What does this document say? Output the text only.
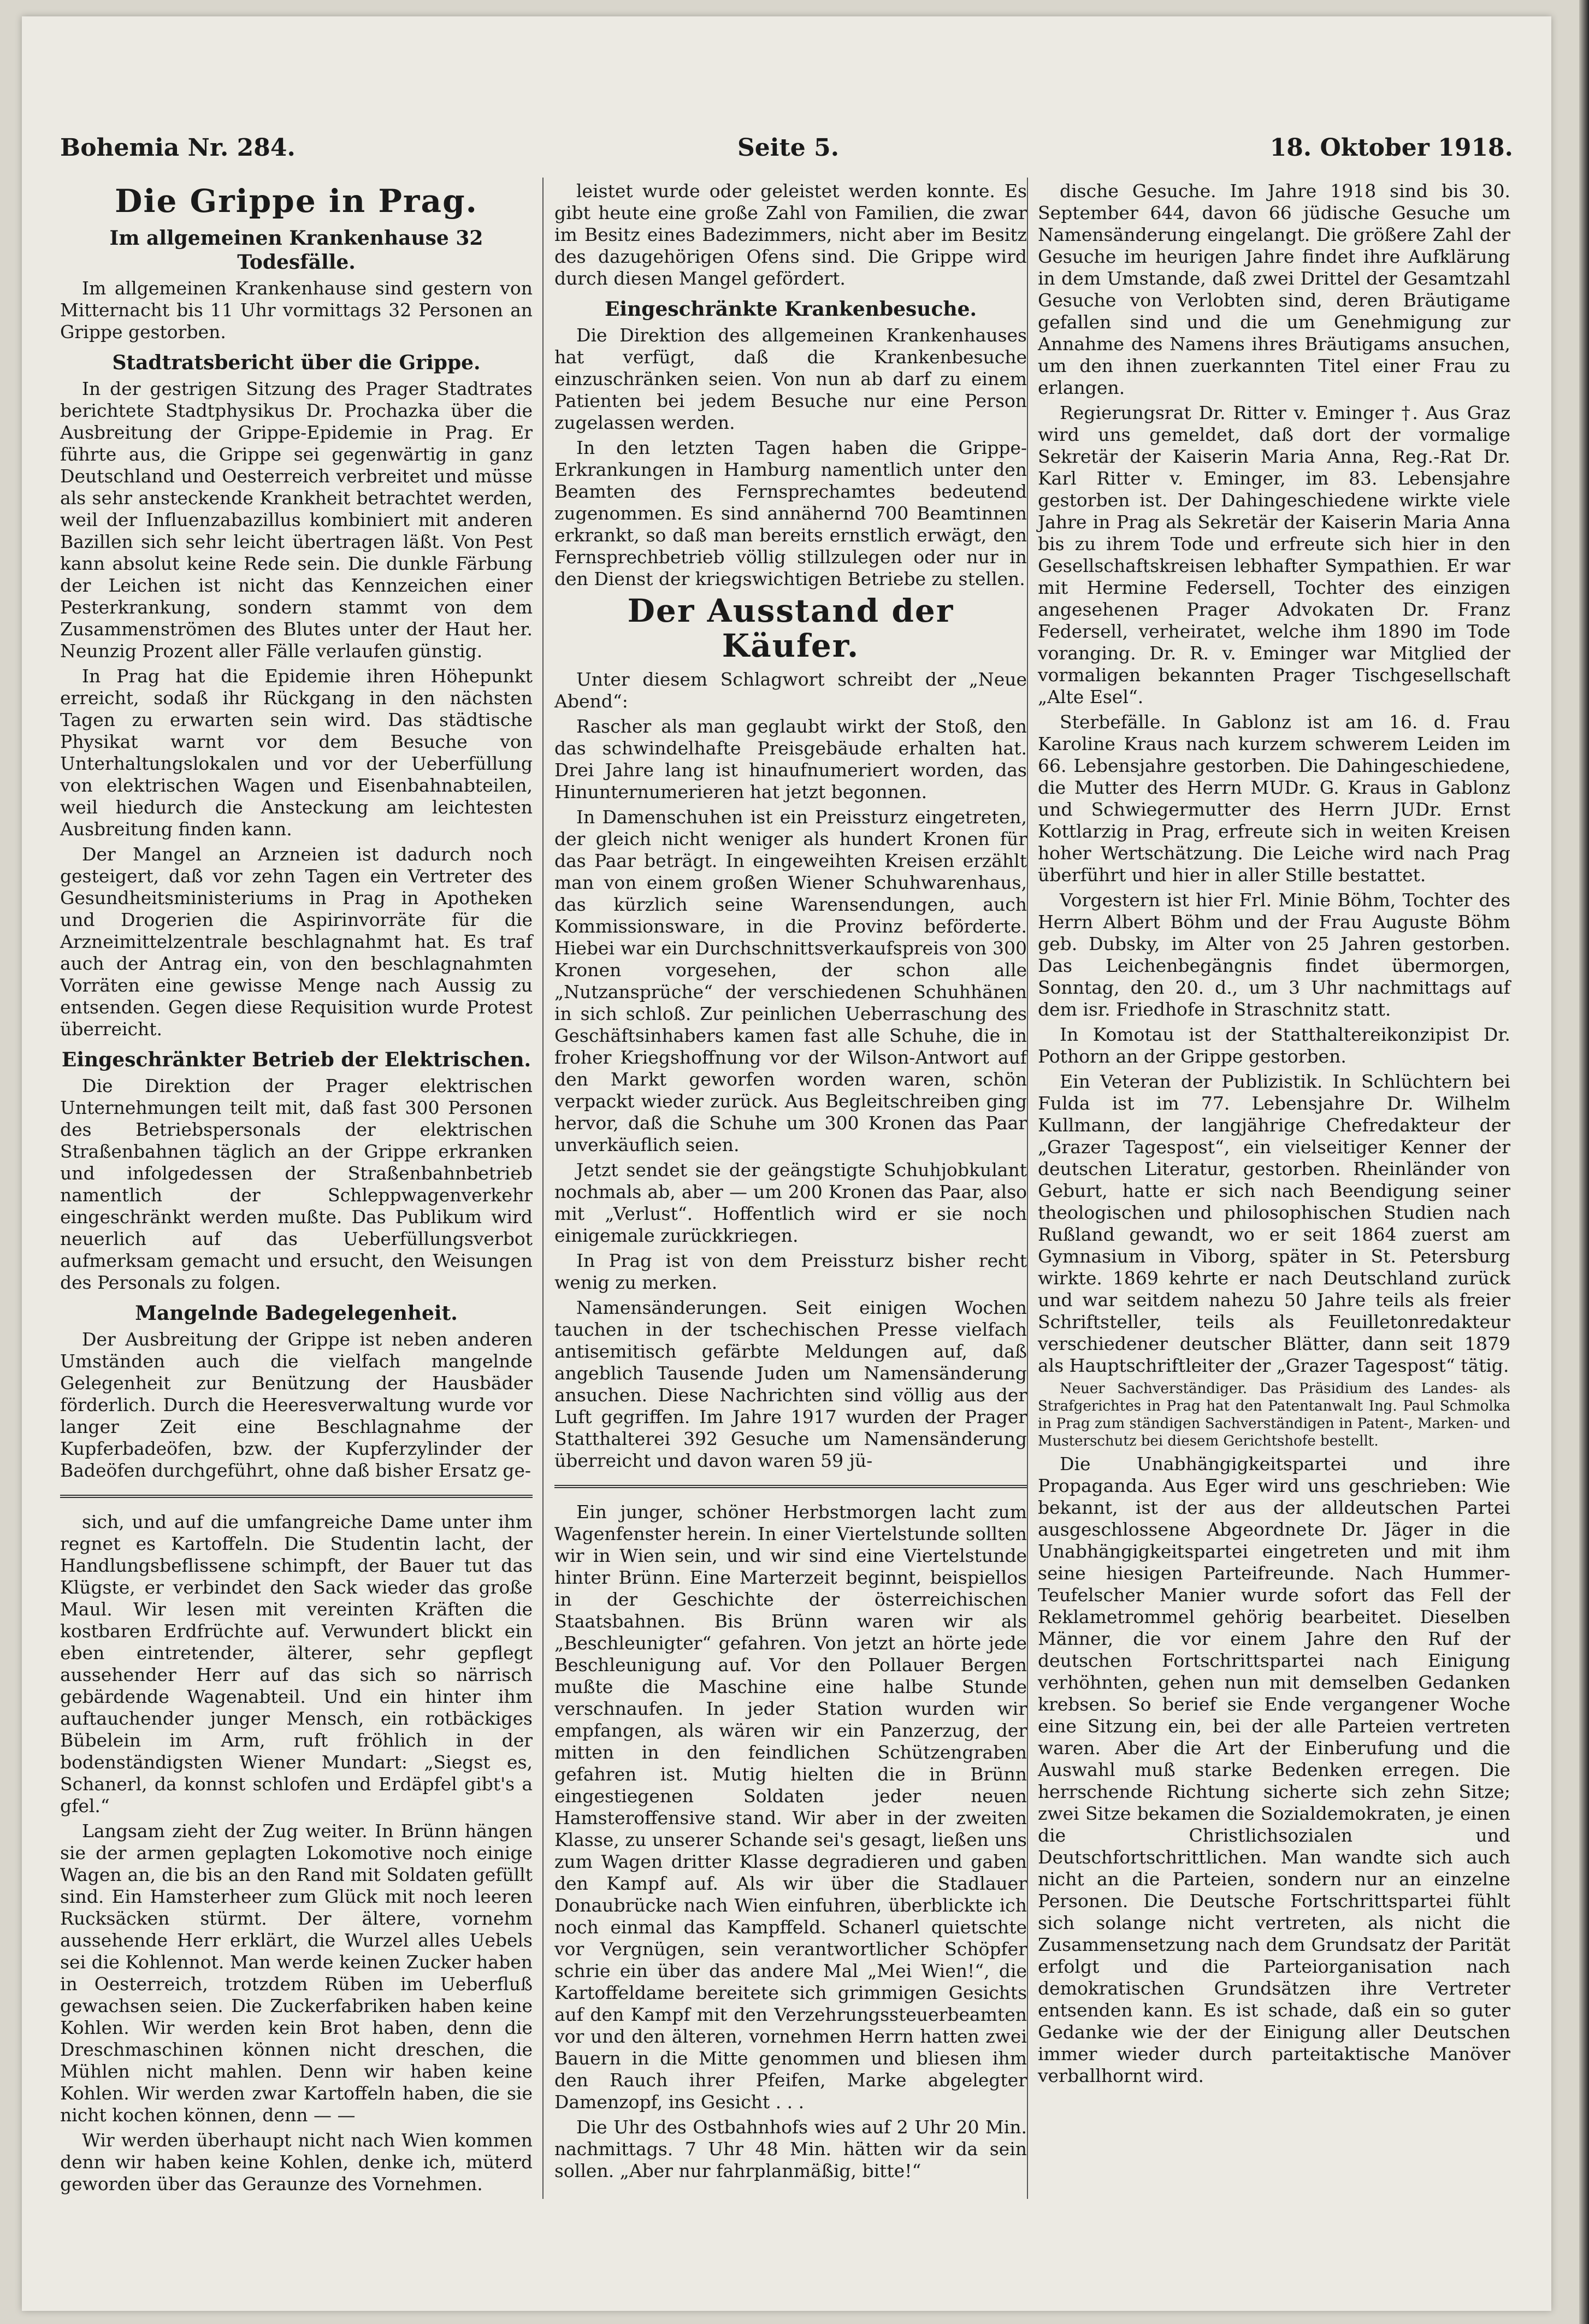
Bohemia Nr. 284.	Seite 5.	18. Oktober 1918.
Die Grippe in Prag.
Im allgemeinen Krankenhause 32 Todesfälle.

Im allgemeinen Krankenhause sind gestern von Mitternacht bis 11 Uhr vormittags 32 Personen an Grippe gestorben.

Stadtratsbericht über die Grippe.

In der gestrigen Sitzung des Prager Stadtrates berichtete Stadtphysikus Dr. Prochazka über die Ausbreitung der Grippe-Epidemie in Prag. Er führte aus, die Grippe sei gegenwärtig in ganz Deutschland und Oesterreich verbreitet und müsse als sehr ansteckende Krankheit betrachtet werden, weil der Influenzabazillus kombiniert mit anderen Bazillen sich sehr leicht übertragen läßt. Von Pest kann absolut keine Rede sein. Die dunkle Färbung der Leichen ist nicht das Kennzeichen einer Pesterkrankung, sondern stammt von dem Zusammenströmen des Blutes unter der Haut her. Neunzig Prozent aller Fälle verlaufen günstig.

In Prag hat die Epidemie ihren Höhepunkt erreicht, sodaß ihr Rückgang in den nächsten Tagen zu erwarten sein wird. Das städtische Physikat warnt vor dem Besuche von Unterhaltungslokalen und vor der Ueberfüllung von elektrischen Wagen und Eisenbahnabteilen, weil hiedurch die Ansteckung am leichtesten Ausbreitung finden kann.

Der Mangel an Arzneien ist dadurch noch gesteigert, daß vor zehn Tagen ein Vertreter des Gesundheitsministeriums in Prag in Apotheken und Drogerien die Aspirinvorräte für die Arzneimittelzentrale beschlagnahmt hat. Es traf auch der Antrag ein, von den beschlagnahmten Vorräten eine gewisse Menge nach Aussig zu entsenden. Gegen diese Requisition wurde Protest überreicht.

Eingeschränkter Betrieb der Elektrischen.

Die Direktion der Prager elektrischen Unternehmungen teilt mit, daß fast 300 Personen des Betriebspersonals der elektrischen Straßenbahnen täglich an der Grippe erkranken und infolgedessen der Straßenbahnbetrieb namentlich der Schleppwagenverkehr eingeschränkt werden mußte. Das Publikum wird neuerlich auf das Ueberfüllungsverbot aufmerksam gemacht und ersucht, den Weisungen des Personals zu folgen.

Mangelnde Badegelegenheit.

Der Ausbreitung der Grippe ist neben anderen Umständen auch die vielfach mangelnde Gelegenheit zur Benützung der Hausbäder förderlich. Durch die Heeresverwaltung wurde vor langer Zeit eine Beschlagnahme der Kupferbadeöfen, bzw. der Kupferzylinder der Badeöfen durchgeführt, ohne daß bisher Ersatz ge-

sich, und auf die umfangreiche Dame unter ihm regnet es Kartoffeln. Die Studentin lacht, der Handlungsbeflissene schimpft, der Bauer tut das Klügste, er verbindet den Sack wieder das große Maul. Wir lesen mit vereinten Kräften die kostbaren Erdfrüchte auf. Verwundert blickt ein eben eintretender, älterer, sehr gepflegt aussehender Herr auf das sich so närrisch gebärdende Wagenabteil. Und ein hinter ihm auftauchender junger Mensch, ein rotbäckiges Bübelein im Arm, ruft fröhlich in der bodenständigsten Wiener Mundart: „Siegst es, Schanerl, da konnst schlofen und Erdäpfel gibt's a gfel.“

Langsam zieht der Zug weiter. In Brünn hängen sie der armen geplagten Lokomotive noch einige Wagen an, die bis an den Rand mit Soldaten gefüllt sind. Ein Hamsterheer zum Glück mit noch leeren Rucksäcken stürmt. Der ältere, vornehm aussehende Herr erklärt, die Wurzel alles Uebels sei die Kohlennot. Man werde keinen Zucker haben in Oesterreich, trotzdem Rüben im Ueberfluß gewachsen seien. Die Zuckerfabriken haben keine Kohlen. Wir werden kein Brot haben, denn die Dreschmaschinen können nicht dreschen, die Mühlen nicht mahlen. Denn wir haben keine Kohlen. Wir werden zwar Kartoffeln haben, die sie nicht kochen können, denn — —

Wir werden überhaupt nicht nach Wien kommen denn wir haben keine Kohlen, denke ich, müterd geworden über das Geraunze des Vornehmen.

leistet wurde oder geleistet werden konnte. Es gibt heute eine große Zahl von Familien, die zwar im Besitz eines Badezimmers, nicht aber im Besitz des dazugehörigen Ofens sind. Die Grippe wird durch diesen Mangel gefördert.

Eingeschränkte Krankenbesuche.

Die Direktion des allgemeinen Krankenhauses hat verfügt, daß die Krankenbesuche einzuschränken seien. Von nun ab darf zu einem Patienten bei jedem Besuche nur eine Person zugelassen werden.

In den letzten Tagen haben die Grippe-Erkrankungen in Hamburg namentlich unter den Beamten des Fernsprechamtes bedeutend zugenommen. Es sind annähernd 700 Beamtinnen erkrankt, so daß man bereits ernstlich erwägt, den Fernsprechbetrieb völlig stillzulegen oder nur in den Dienst der kriegswichtigen Betriebe zu stellen.

Der Ausstand der Käufer.

Unter diesem Schlagwort schreibt der „Neue Abend“:

Rascher als man geglaubt wirkt der Stoß, den das schwindelhafte Preisgebäude erhalten hat. Drei Jahre lang ist hinaufnumeriert worden, das Hinunternumerieren hat jetzt begonnen.

In Damenschuhen ist ein Preissturz eingetreten, der gleich nicht weniger als hundert Kronen für das Paar beträgt. In eingeweihten Kreisen erzählt man von einem großen Wiener Schuhwarenhaus, das kürzlich seine Warensendungen, auch Kommissionsware, in die Provinz beförderte. Hiebei war ein Durchschnittsverkaufspreis von 300 Kronen vorgesehen, der schon alle „Nutzansprüche“ der verschiedenen Schuhhänen in sich schloß. Zur peinlichen Ueberraschung des Geschäftsinhabers kamen fast alle Schuhe, die in froher Kriegshoffnung vor der Wilson-Antwort auf den Markt geworfen worden waren, schön verpackt wieder zurück. Aus Begleitschreiben ging hervor, daß die Schuhe um 300 Kronen das Paar unverkäuflich seien.

Jetzt sendet sie der geängstigte Schuhjobkulant nochmals ab, aber — um 200 Kronen das Paar, also mit „Verlust“. Hoffentlich wird er sie noch einigemale zurückkriegen.

In Prag ist von dem Preissturz bisher recht wenig zu merken.

Namensänderungen. Seit einigen Wochen tauchen in der tschechischen Presse vielfach antisemitisch gefärbte Meldungen auf, daß angeblich Tausende Juden um Namensänderung ansuchen. Diese Nachrichten sind völlig aus der Luft gegriffen. Im Jahre 1917 wurden der Prager Statthalterei 392 Gesuche um Namensänderung überreicht und davon waren 59 jü-

Ein junger, schöner Herbstmorgen lacht zum Wagenfenster herein. In einer Viertelstunde sollten wir in Wien sein, und wir sind eine Viertelstunde hinter Brünn. Eine Marterzeit beginnt, beispiellos in der Geschichte der österreichischen Staatsbahnen. Bis Brünn waren wir als „Beschleunigter“ gefahren. Von jetzt an hörte jede Beschleunigung auf. Vor den Pollauer Bergen mußte die Maschine eine halbe Stunde verschnaufen. In jeder Station wurden wir empfangen, als wären wir ein Panzerzug, der mitten in den feindlichen Schützengraben gefahren ist. Mutig hielten die in Brünn eingestiegenen Soldaten jeder neuen Hamsteroffensive stand. Wir aber in der zweiten Klasse, zu unserer Schande sei's gesagt, ließen uns zum Wagen dritter Klasse degradieren und gaben den Kampf auf. Als wir über die Stadlauer Donaubrücke nach Wien einfuhren, überblickte ich noch einmal das Kampffeld. Schanerl quietschte vor Vergnügen, sein verantwortlicher Schöpfer schrie ein über das andere Mal „Mei Wien!“, die Kartoffeldame bereitete sich grimmigen Gesichts auf den Kampf mit den Verzehrungssteuerbeamten vor und den älteren, vornehmen Herrn hatten zwei Bauern in die Mitte genommen und bliesen ihm den Rauch ihrer Pfeifen, Marke abgelegter Damenzopf, ins Gesicht . . .

Die Uhr des Ostbahnhofs wies auf 2 Uhr 20 Min. nachmittags. 7 Uhr 48 Min. hätten wir da sein sollen. „Aber nur fahrplanmäßig, bitte!“

dische Gesuche. Im Jahre 1918 sind bis 30. September 644, davon 66 jüdische Gesuche um Namensänderung eingelangt. Die größere Zahl der Gesuche im heurigen Jahre findet ihre Aufklärung in dem Umstande, daß zwei Drittel der Gesamtzahl Gesuche von Verlobten sind, deren Bräutigame gefallen sind und die um Genehmigung zur Annahme des Namens ihres Bräutigams ansuchen, um den ihnen zuerkannten Titel einer Frau zu erlangen.

Regierungsrat Dr. Ritter v. Eminger †. Aus Graz wird uns gemeldet, daß dort der vormalige Sekretär der Kaiserin Maria Anna, Reg.-Rat Dr. Karl Ritter v. Eminger, im 83. Lebensjahre gestorben ist. Der Dahingeschiedene wirkte viele Jahre in Prag als Sekretär der Kaiserin Maria Anna bis zu ihrem Tode und erfreute sich hier in den Gesellschaftskreisen lebhafter Sympathien. Er war mit Hermine Federsell, Tochter des einzigen angesehenen Prager Advokaten Dr. Franz Federsell, verheiratet, welche ihm 1890 im Tode voranging. Dr. R. v. Eminger war Mitglied der vormaligen bekannten Prager Tischgesellschaft „Alte Esel“.

Sterbefälle. In Gablonz ist am 16. d. Frau Karoline Kraus nach kurzem schwerem Leiden im 66. Lebensjahre gestorben. Die Dahingeschiedene, die Mutter des Herrn MUDr. G. Kraus in Gablonz und Schwiegermutter des Herrn JUDr. Ernst Kottlarzig in Prag, erfreute sich in weiten Kreisen hoher Wertschätzung. Die Leiche wird nach Prag überführt und hier in aller Stille bestattet.

Vorgestern ist hier Frl. Minie Böhm, Tochter des Herrn Albert Böhm und der Frau Auguste Böhm geb. Dubsky, im Alter von 25 Jahren gestorben. Das Leichenbegängnis findet übermorgen, Sonntag, den 20. d., um 3 Uhr nachmittags auf dem isr. Friedhofe in Straschnitz statt.

In Komotau ist der Statthaltereikonzipist Dr. Pothorn an der Grippe gestorben.

Ein Veteran der Publizistik. In Schlüchtern bei Fulda ist im 77. Lebensjahre Dr. Wilhelm Kullmann, der langjährige Chefredakteur der „Grazer Tagespost“, ein vielseitiger Kenner der deutschen Literatur, gestorben. Rheinländer von Geburt, hatte er sich nach Beendigung seiner theologischen und philosophischen Studien nach Rußland gewandt, wo er seit 1864 zuerst am Gymnasium in Viborg, später in St. Petersburg wirkte. 1869 kehrte er nach Deutschland zurück und war seitdem nahezu 50 Jahre teils als freier Schriftsteller, teils als Feuilletonredakteur verschiedener deutscher Blätter, dann seit 1879 als Hauptschriftleiter der „Grazer Tagespost“ tätig.

Neuer Sachverständiger. Das Präsidium des Landes- als Strafgerichtes in Prag hat den Patentanwalt Ing. Paul Schmolka in Prag zum ständigen Sachverständigen in Patent-, Marken- und Musterschutz bei diesem Gerichtshofe bestellt.

Die Unabhängigkeitspartei und ihre Propaganda. Aus Eger wird uns geschrieben: Wie bekannt, ist der aus der alldeutschen Partei ausgeschlossene Abgeordnete Dr. Jäger in die Unabhängigkeitspartei eingetreten und mit ihm seine hiesigen Parteifreunde. Nach Hummer-Teufelscher Manier wurde sofort das Fell der Reklametrommel gehörig bearbeitet. Dieselben Männer, die vor einem Jahre den Ruf der deutschen Fortschrittspartei nach Einigung verhöhnten, gehen nun mit demselben Gedanken krebsen. So berief sie Ende vergangener Woche eine Sitzung ein, bei der alle Parteien vertreten waren. Aber die Art der Einberufung und die Auswahl muß starke Bedenken erregen. Die herrschende Richtung sicherte sich zehn Sitze; zwei Sitze bekamen die Sozialdemokraten, je einen die Christlichsozialen und Deutschfortschrittlichen. Man wandte sich auch nicht an die Parteien, sondern nur an einzelne Personen. Die Deutsche Fortschrittspartei fühlt sich solange nicht vertreten, als nicht die Zusammensetzung nach dem Grundsatz der Parität erfolgt und die Parteiorganisation nach demokratischen Grundsätzen ihre Vertreter entsenden kann. Es ist schade, daß ein so guter Gedanke wie der der Einigung aller Deutschen immer wieder durch parteitaktische Manöver verballhornt wird.
